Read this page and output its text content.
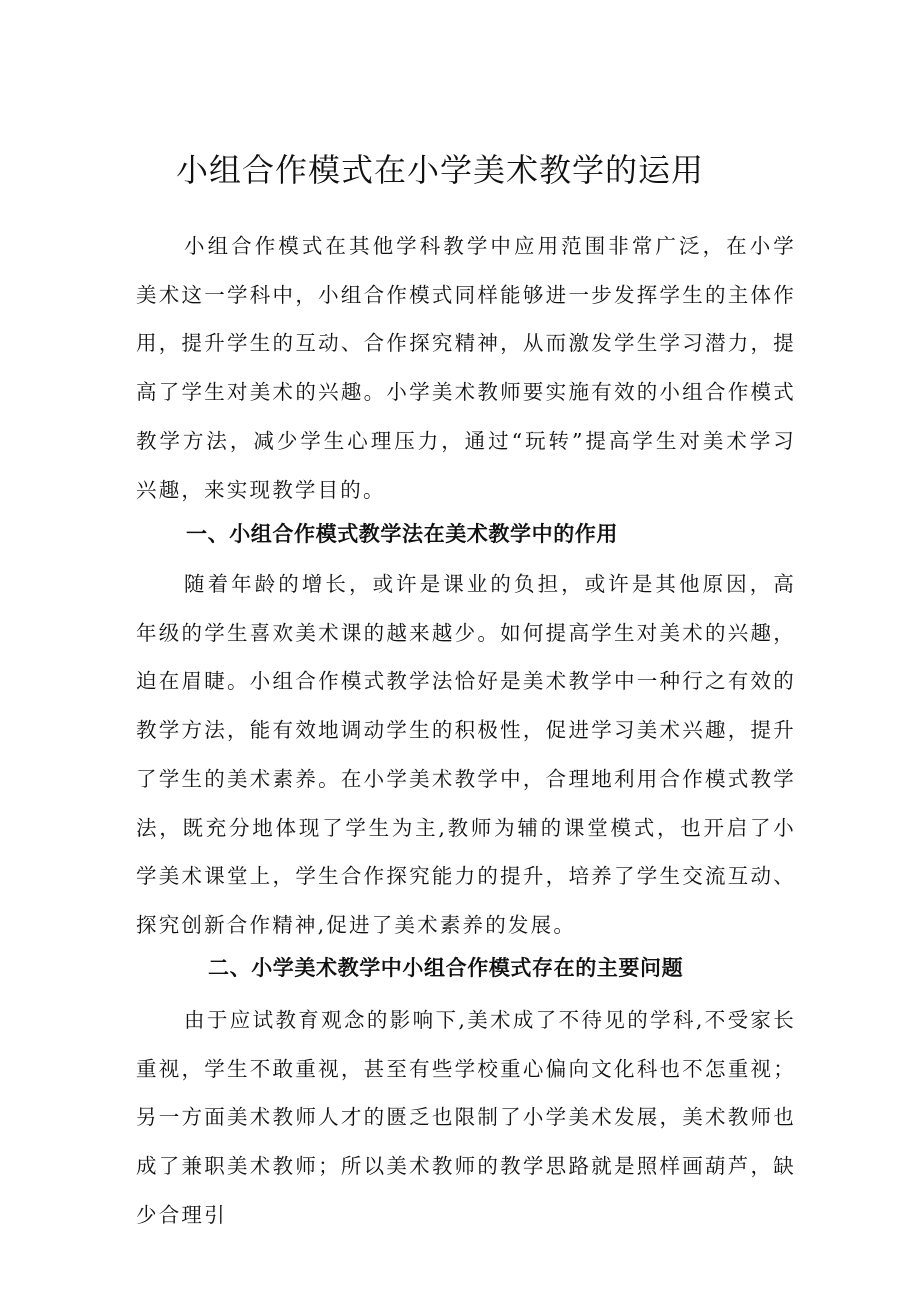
小组合作模式在小学美术教学的运用

小组合作模式在其他学科教学中应用范围非常广泛，在小学美术这一学科中，小组合作模式同样能够进一步发挥学生的主体作用，提升学生的互动、合作探究精神，从而激发学生学习潜力，提高了学生对美术的兴趣。小学美术教师要实施有效的小组合作模式教学方法，减少学生心理压力，通过“玩转”提高学生对美术学习兴趣，来实现教学目的。

一、小组合作模式教学法在美术教学中的作用

随着年龄的增长，或许是课业的负担，或许是其他原因，高年级的学生喜欢美术课的越来越少。如何提高学生对美术的兴趣，迫在眉睫。小组合作模式教学法恰好是美术教学中一种行之有效的教学方法，能有效地调动学生的积极性，促进学习美术兴趣，提升了学生的美术素养。在小学美术教学中，合理地利用合作模式教学法，既充分地体现了学生为主,教师为辅的课堂模式，也开启了小学美术课堂上，学生合作探究能力的提升，培养了学生交流互动、探究创新合作精神,促进了美术素养的发展。

二、小学美术教学中小组合作模式存在的主要问题

由于应试教育观念的影响下,美术成了不待见的学科,不受家长重视，学生不敢重视，甚至有些学校重心偏向文化科也不怎重视；另一方面美术教师人才的匮乏也限制了小学美术发展，美术教师也成了兼职美术教师；所以美术教师的教学思路就是照样画葫芦，缺少合理引
